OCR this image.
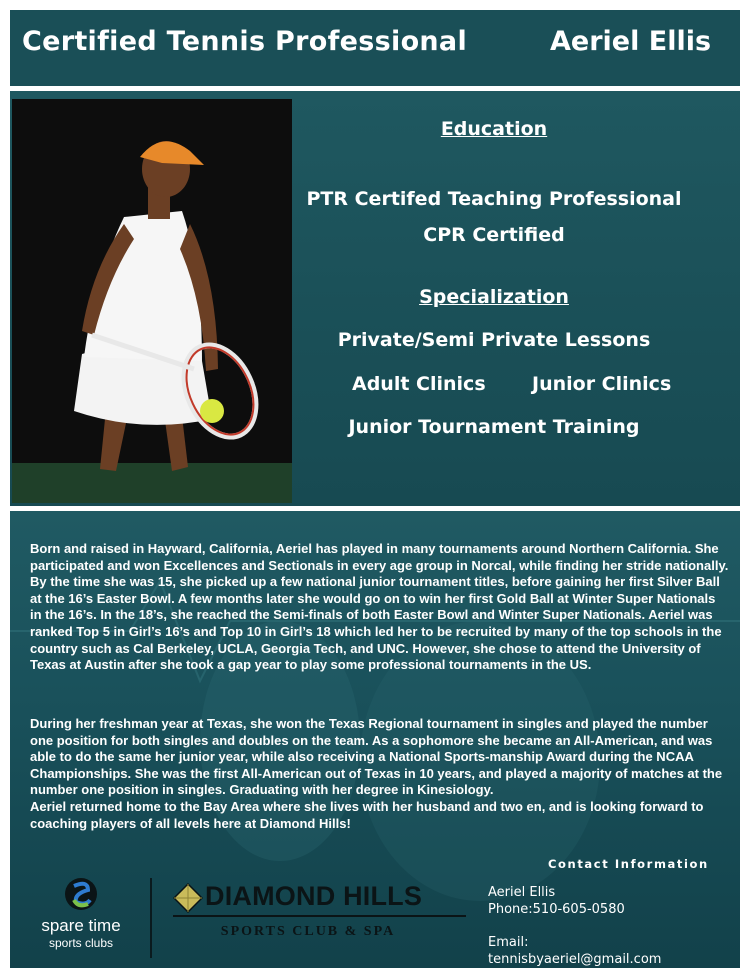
Certified Tennis Professional	Aeriel Ellis
Education
PTR Certifed Teaching Professional
CPR Certified
Specialization
Private/Semi Private Lessons
Adult Clinics Junior Clinics
Junior Tournament Training
Born and raised in Hayward, California, Aeriel has played in many tournaments around Northern California. She participated and won Excellences and Sectionals in every age group in Norcal, while finding her stride nationally. By the time she was 15, she picked up a few national junior tournament titles, before gaining her first Silver Ball at the 16’s Easter Bowl. A few months later she would go on to win her first Gold Ball at Winter Super Nationals in the 16’s. In the 18’s, she reached the Semi-finals of both Easter Bowl and Winter Super Nationals. Aeriel was ranked Top 5 in Girl’s 16’s and Top 10 in Girl’s 18 which led her to be recruited by many of the top schools in the country such as Cal Berkeley, UCLA, Georgia Tech, and UNC. However, she chose to attend the University of Texas at Austin after she took a gap year to play some professional tournaments in the US.
During her freshman year at Texas, she won the Texas Regional tournament in singles and played the number one position for both singles and doubles on the team. As a sophomore she became an All-American, and was able to do the same her junior year, while also receiving a National Sports-manship Award during the NCAA Championships. She was the first All-American out of Texas in 10 years, and played a majority of matches at the number one position in singles. Graduating with her degree in Kinesiology.
Aeriel returned home to the Bay Area where she lives with her husband and two en, and is looking forward to coaching players of all levels here at Diamond Hills!
Contact Information
Aeriel Ellis
Phone:510-605-0580
Email:
tennisbyaeriel@gmail.com
spare time
sports clubs
DIAMOND HILLS
SPORTS CLUB & SPA
